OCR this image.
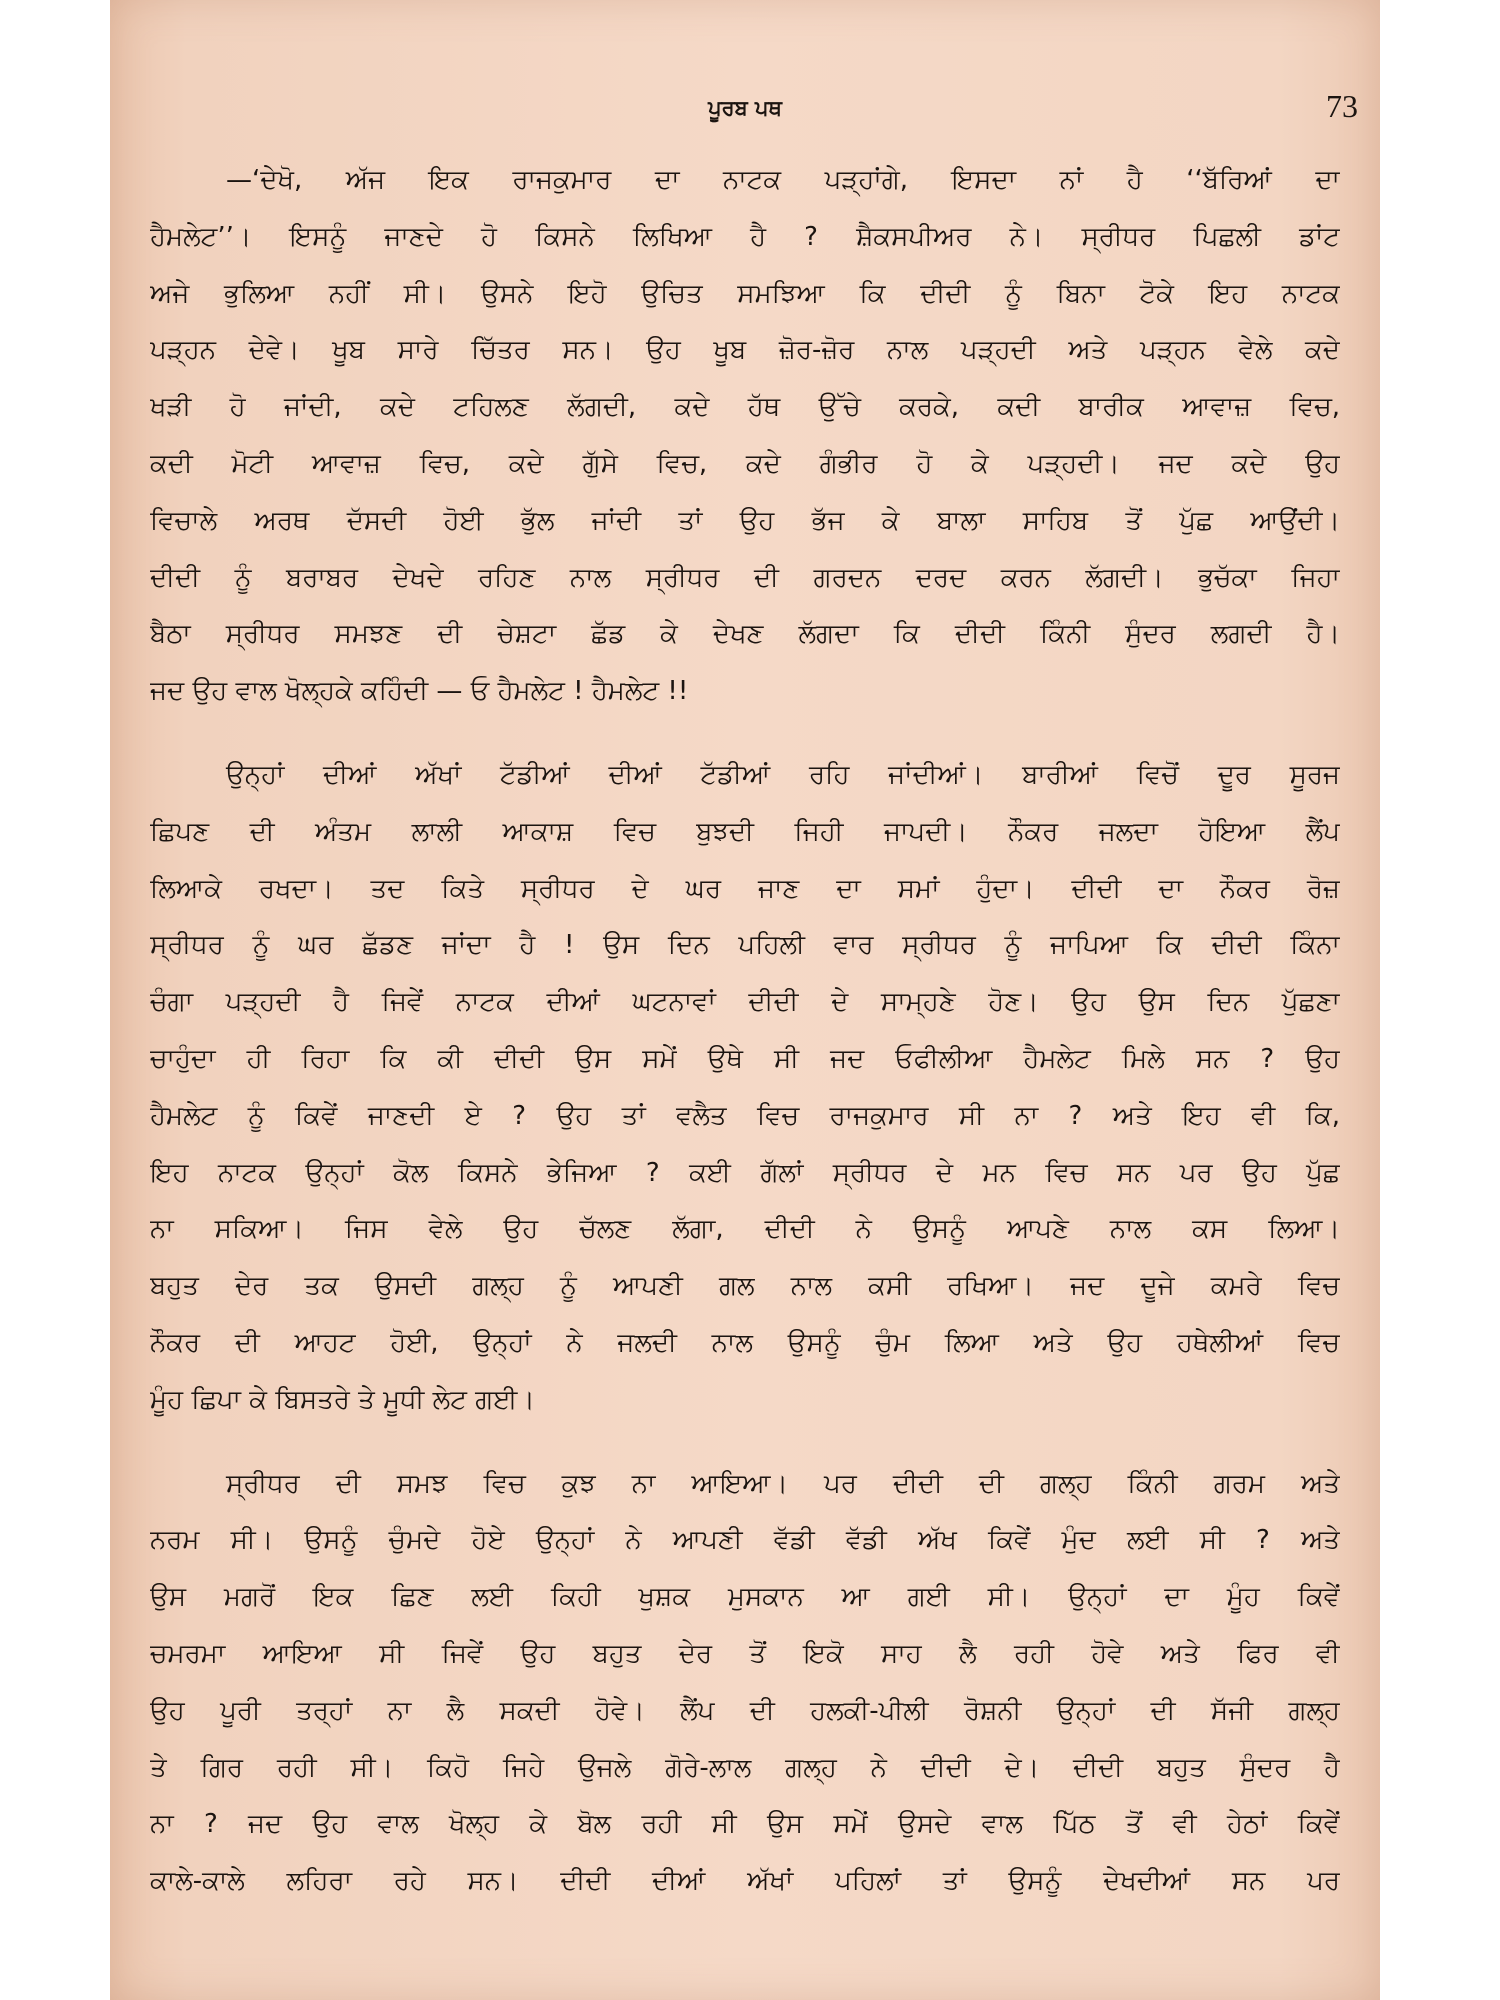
ਪੂਰਬ ਪਥ	73
—‘ਦੇਖੋ, ਅੱਜ ਇਕ ਰਾਜਕੁਮਾਰ ਦਾ ਨਾਟਕ ਪੜ੍ਹਾਂਗੇ, ਇਸਦਾ ਨਾਂ ਹੈ ‘‘ਬੱਰਿਆਂ ਦਾ
ਹੈਮਲੇਟ’’। ਇਸਨੂੰ ਜਾਣਦੇ ਹੋ ਕਿਸਨੇ ਲਿਖਿਆ ਹੈ ? ਸ਼ੈਕਸਪੀਅਰ ਨੇ। ਸ੍ਰੀਧਰ ਪਿਛਲੀ ਡਾਂਟ
ਅਜੇ ਭੁਲਿਆ ਨਹੀਂ ਸੀ। ਉਸਨੇ ਇਹੋ ਉਚਿਤ ਸਮਝਿਆ ਕਿ ਦੀਦੀ ਨੂੰ ਬਿਨਾ ਟੋਕੇ ਇਹ ਨਾਟਕ
ਪੜ੍ਹਨ ਦੇਵੇ। ਖੂਬ ਸਾਰੇ ਚਿੱਤਰ ਸਨ। ਉਹ ਖੂਬ ਜ਼ੋਰ-ਜ਼ੋਰ ਨਾਲ ਪੜ੍ਹਦੀ ਅਤੇ ਪੜ੍ਹਨ ਵੇਲੇ ਕਦੇ
ਖੜੀ ਹੋ ਜਾਂਦੀ, ਕਦੇ ਟਹਿਲਣ ਲੱਗਦੀ, ਕਦੇ ਹੱਥ ਉੱਚੇ ਕਰਕੇ, ਕਦੀ ਬਾਰੀਕ ਆਵਾਜ਼ ਵਿਚ,
ਕਦੀ ਮੋਟੀ ਆਵਾਜ਼ ਵਿਚ, ਕਦੇ ਗੁੱਸੇ ਵਿਚ, ਕਦੇ ਗੰਭੀਰ ਹੋ ਕੇ ਪੜ੍ਹਦੀ। ਜਦ ਕਦੇ ਉਹ
ਵਿਚਾਲੇ ਅਰਥ ਦੱਸਦੀ ਹੋਈ ਭੁੱਲ ਜਾਂਦੀ ਤਾਂ ਉਹ ਭੱਜ ਕੇ ਬਾਲਾ ਸਾਹਿਬ ਤੋਂ ਪੁੱਛ ਆਉਂਦੀ।
ਦੀਦੀ ਨੂੰ ਬਰਾਬਰ ਦੇਖਦੇ ਰਹਿਣ ਨਾਲ ਸ੍ਰੀਧਰ ਦੀ ਗਰਦਨ ਦਰਦ ਕਰਨ ਲੱਗਦੀ। ਭੁਚੱਕਾ ਜਿਹਾ
ਬੈਠਾ ਸ੍ਰੀਧਰ ਸਮਝਣ ਦੀ ਚੇਸ਼ਟਾ ਛੱਡ ਕੇ ਦੇਖਣ ਲੱਗਦਾ ਕਿ ਦੀਦੀ ਕਿੰਨੀ ਸੁੰਦਰ ਲਗਦੀ ਹੈ।
ਜਦ ਉਹ ਵਾਲ ਖੋਲ੍ਹਕੇ ਕਹਿੰਦੀ — ਓ ਹੈਮਲੇਟ ! ਹੈਮਲੇਟ !!
ਉਨ੍ਹਾਂ ਦੀਆਂ ਅੱਖਾਂ ਟੱਡੀਆਂ ਦੀਆਂ ਟੱਡੀਆਂ ਰਹਿ ਜਾਂਦੀਆਂ। ਬਾਰੀਆਂ ਵਿਚੋਂ ਦੂਰ ਸੂਰਜ
ਛਿਪਣ ਦੀ ਅੰਤਮ ਲਾਲੀ ਆਕਾਸ਼ ਵਿਚ ਬੁਝਦੀ ਜਿਹੀ ਜਾਪਦੀ। ਨੌਕਰ ਜਲਦਾ ਹੋਇਆ ਲੈਂਪ
ਲਿਆਕੇ ਰਖਦਾ। ਤਦ ਕਿਤੇ ਸ੍ਰੀਧਰ ਦੇ ਘਰ ਜਾਣ ਦਾ ਸਮਾਂ ਹੁੰਦਾ। ਦੀਦੀ ਦਾ ਨੌਕਰ ਰੋਜ਼
ਸ੍ਰੀਧਰ ਨੂੰ ਘਰ ਛੱਡਣ ਜਾਂਦਾ ਹੈ ! ਉਸ ਦਿਨ ਪਹਿਲੀ ਵਾਰ ਸ੍ਰੀਧਰ ਨੂੰ ਜਾਪਿਆ ਕਿ ਦੀਦੀ ਕਿੰਨਾ
ਚੰਗਾ ਪੜ੍ਹਦੀ ਹੈ ਜਿਵੇਂ ਨਾਟਕ ਦੀਆਂ ਘਟਨਾਵਾਂ ਦੀਦੀ ਦੇ ਸਾਮ੍ਹਣੇ ਹੋਣ। ਉਹ ਉਸ ਦਿਨ ਪੁੱਛਣਾ
ਚਾਹੁੰਦਾ ਹੀ ਰਿਹਾ ਕਿ ਕੀ ਦੀਦੀ ਉਸ ਸਮੇਂ ਉਥੇ ਸੀ ਜਦ ਓਫੀਲੀਆ ਹੈਮਲੇਟ ਮਿਲੇ ਸਨ ? ਉਹ
ਹੈਮਲੇਟ ਨੂੰ ਕਿਵੇਂ ਜਾਣਦੀ ਏ ? ਉਹ ਤਾਂ ਵਲੈਤ ਵਿਚ ਰਾਜਕੁਮਾਰ ਸੀ ਨਾ ? ਅਤੇ ਇਹ ਵੀ ਕਿ,
ਇਹ ਨਾਟਕ ਉਨ੍ਹਾਂ ਕੋਲ ਕਿਸਨੇ ਭੇਜਿਆ ? ਕਈ ਗੱਲਾਂ ਸ੍ਰੀਧਰ ਦੇ ਮਨ ਵਿਚ ਸਨ ਪਰ ਉਹ ਪੁੱਛ
ਨਾ ਸਕਿਆ। ਜਿਸ ਵੇਲੇ ਉਹ ਚੱਲਣ ਲੱਗਾ, ਦੀਦੀ ਨੇ ਉਸਨੂੰ ਆਪਣੇ ਨਾਲ ਕਸ ਲਿਆ।
ਬਹੁਤ ਦੇਰ ਤਕ ਉਸਦੀ ਗਲ੍ਹ ਨੂੰ ਆਪਣੀ ਗਲ ਨਾਲ ਕਸੀ ਰਖਿਆ। ਜਦ ਦੂਜੇ ਕਮਰੇ ਵਿਚ
ਨੌਕਰ ਦੀ ਆਹਟ ਹੋਈ, ਉਨ੍ਹਾਂ ਨੇ ਜਲਦੀ ਨਾਲ ਉਸਨੂੰ ਚੁੰਮ ਲਿਆ ਅਤੇ ਉਹ ਹਥੇਲੀਆਂ ਵਿਚ
ਮੂੰਹ ਛਿਪਾ ਕੇ ਬਿਸਤਰੇ ਤੇ ਮੂਧੀ ਲੇਟ ਗਈ।
ਸ੍ਰੀਧਰ ਦੀ ਸਮਝ ਵਿਚ ਕੁਝ ਨਾ ਆਇਆ। ਪਰ ਦੀਦੀ ਦੀ ਗਲ੍ਹ ਕਿੰਨੀ ਗਰਮ ਅਤੇ
ਨਰਮ ਸੀ। ਉਸਨੂੰ ਚੁੰਮਦੇ ਹੋਏ ਉਨ੍ਹਾਂ ਨੇ ਆਪਣੀ ਵੱਡੀ ਵੱਡੀ ਅੱਖ ਕਿਵੇਂ ਮੁੰਦ ਲਈ ਸੀ ? ਅਤੇ
ਉਸ ਮਗਰੋਂ ਇਕ ਛਿਣ ਲਈ ਕਿਹੀ ਖੁਸ਼ਕ ਮੁਸਕਾਨ ਆ ਗਈ ਸੀ। ਉਨ੍ਹਾਂ ਦਾ ਮੂੰਹ ਕਿਵੇਂ
ਚਮਰਮਾ ਆਇਆ ਸੀ ਜਿਵੇਂ ਉਹ ਬਹੁਤ ਦੇਰ ਤੋਂ ਇਕੋ ਸਾਹ ਲੈ ਰਹੀ ਹੋਵੇ ਅਤੇ ਫਿਰ ਵੀ
ਉਹ ਪੂਰੀ ਤਰ੍ਹਾਂ ਨਾ ਲੈ ਸਕਦੀ ਹੋਵੇ। ਲੈਂਪ ਦੀ ਹਲਕੀ-ਪੀਲੀ ਰੋਸ਼ਨੀ ਉਨ੍ਹਾਂ ਦੀ ਸੱਜੀ ਗਲ੍ਹ
ਤੇ ਗਿਰ ਰਹੀ ਸੀ। ਕਿਹੋ ਜਿਹੇ ਉਜਲੇ ਗੋਰੇ-ਲਾਲ ਗਲ੍ਹ ਨੇ ਦੀਦੀ ਦੇ। ਦੀਦੀ ਬਹੁਤ ਸੁੰਦਰ ਹੈ
ਨਾ ? ਜਦ ਉਹ ਵਾਲ ਖੋਲ੍ਹ ਕੇ ਬੋਲ ਰਹੀ ਸੀ ਉਸ ਸਮੇਂ ਉਸਦੇ ਵਾਲ ਪਿੱਠ ਤੋਂ ਵੀ ਹੇਠਾਂ ਕਿਵੇਂ
ਕਾਲੇ-ਕਾਲੇ ਲਹਿਰਾ ਰਹੇ ਸਨ। ਦੀਦੀ ਦੀਆਂ ਅੱਖਾਂ ਪਹਿਲਾਂ ਤਾਂ ਉਸਨੂੰ ਦੇਖਦੀਆਂ ਸਨ ਪਰ
